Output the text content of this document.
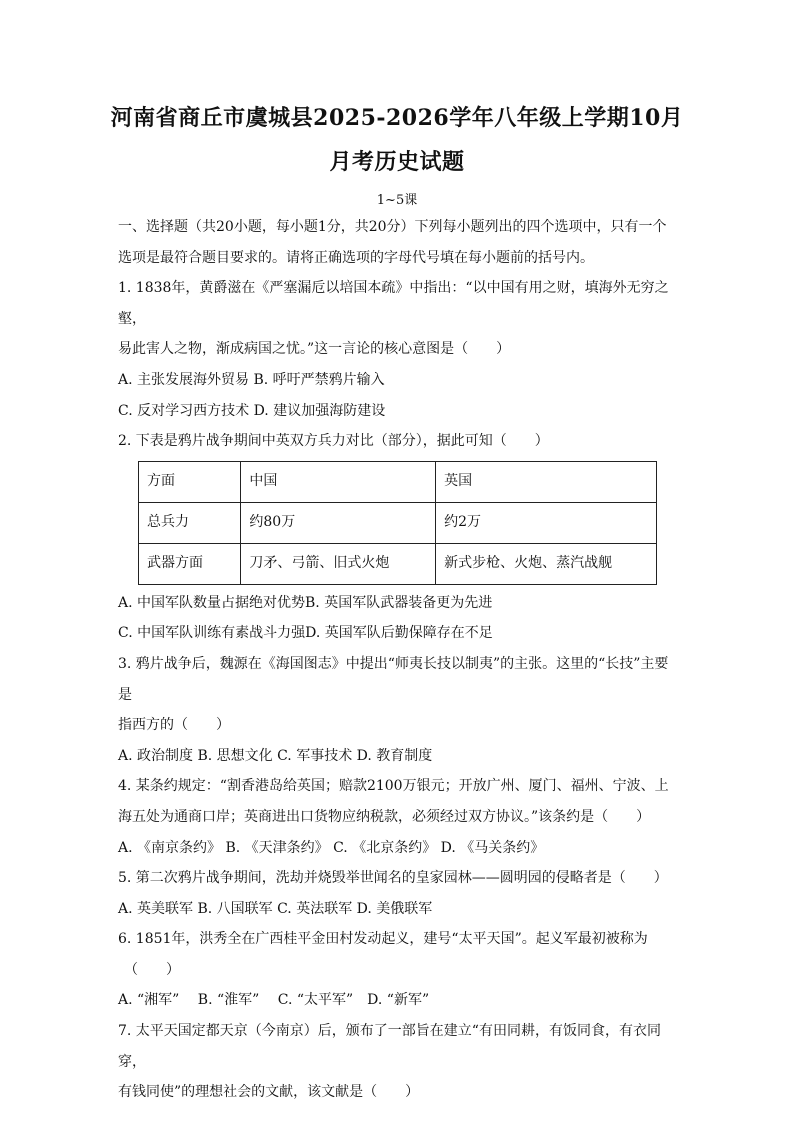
河南省商丘市虞城县2025-2026学年八年级上学期10月
月考历史试题
1~5课

一、选择题（共20小题，每小题1分，共20分）下列每小题列出的四个选项中，只有一个

选项是最符合题目要求的。请将正确选项的字母代号填在每小题前的括号内。

1. 1838年，黄爵滋在《严塞漏卮以培国本疏》中指出：“以中国有用之财，填海外无穷之壑，

易此害人之物，渐成病国之忧。”这一言论的核心意图是（　　）

A. 主张发展海外贸易 B. 呼吁严禁鸦片输入

C. 反对学习西方技术 D. 建议加强海防建设

2. 下表是鸦片战争期间中英双方兵力对比（部分），据此可知（　　）

方面	中国	英国
总兵力	约80万	约2万
武器方面	刀矛、弓箭、旧式火炮	新式步枪、火炮、蒸汽战舰

A. 中国军队数量占据绝对优势B. 英国军队武器装备更为先进

C. 中国军队训练有素战斗力强D. 英国军队后勤保障存在不足

3. 鸦片战争后，魏源在《海国图志》中提出“师夷长技以制夷”的主张。这里的“长技”主要是

指西方的（　　）

A. 政治制度 B. 思想文化 C. 军事技术 D. 教育制度

4. 某条约规定：“割香港岛给英国；赔款2100万银元；开放广州、厦门、福州、宁波、上

海五处为通商口岸；英商进出口货物应纳税款，必须经过双方协议。”该条约是（　　）

A. 《南京条约》 B. 《天津条约》 C. 《北京条约》 D. 《马关条约》

5. 第二次鸦片战争期间，洗劫并烧毁举世闻名的皇家园林——圆明园的侵略者是（　　）

A. 英美联军 B. 八国联军 C. 英法联军 D. 美俄联军

6. 1851年，洪秀全在广西桂平金田村发动起义，建号“太平天国”。起义军最初被称为

（　　）

A. “湘军”　 B. “淮军”　 C. “太平军”　D. “新军”

7. 太平天国定都天京（今南京）后，颁布了一部旨在建立“有田同耕，有饭同食，有衣同穿，

有钱同使”的理想社会的文献，该文献是（　　）
